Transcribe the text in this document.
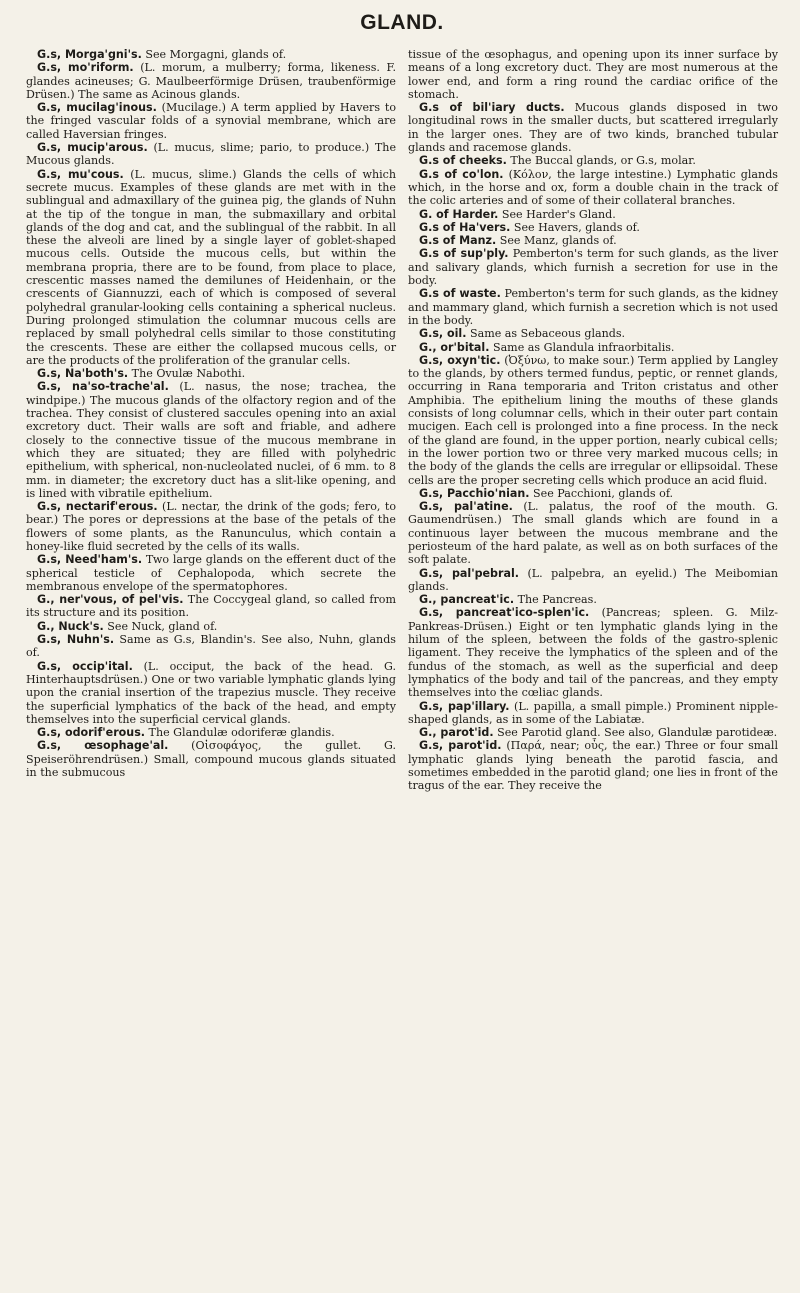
GLAND.

G.s, Morga'gni's. See Morgagni, glands of.

G.s, mo'riform. (L. morum, a mulberry; forma, likeness. F. glandes acineuses; G. Maulbeerförmige Drüsen, traubenförmige Drüsen.) The same as Acinous glands.

G.s, mucilag'inous. (Mucilage.) A term applied by Havers to the fringed vascular folds of a synovial membrane, which are called Haversian fringes.

G.s, mucip'arous. (L. mucus, slime; pario, to produce.) The Mucous glands.

G.s, mu'cous. (L. mucus, slime.) Glands the cells of which secrete mucus. Examples of these glands are met with in the sublingual and admaxillary of the guinea pig, the glands of Nuhn at the tip of the tongue in man, the submaxillary and orbital glands of the dog and cat, and the sublingual of the rabbit. In all these the alveoli are lined by a single layer of goblet-shaped mucous cells. Outside the mucous cells, but within the membrana propria, there are to be found, from place to place, crescentic masses named the demilunes of Heidenhain, or the crescents of Giannuzzi, each of which is composed of several polyhedral granular-looking cells containing a spherical nucleus. During prolonged stimulation the columnar mucous cells are replaced by small polyhedral cells similar to those constituting the crescents. These are either the collapsed mucous cells, or are the products of the proliferation of the granular cells.

G.s, Na'both's. The Ovulæ Nabothi.

G.s, na'so-trache'al. (L. nasus, the nose; trachea, the windpipe.) The mucous glands of the olfactory region and of the trachea. They consist of clustered saccules opening into an axial excretory duct. Their walls are soft and friable, and adhere closely to the connective tissue of the mucous membrane in which they are situated; they are filled with polyhedric epithelium, with spherical, non-nucleolated nuclei, of 6 mm. to 8 mm. in diameter; the excretory duct has a slit-like opening, and is lined with vibratile epithelium.

G.s, nectarif'erous. (L. nectar, the drink of the gods; fero, to bear.) The pores or depressions at the base of the petals of the flowers of some plants, as the Ranunculus, which contain a honey-like fluid secreted by the cells of its walls.

G.s, Need'ham's. Two large glands on the efferent duct of the spherical testicle of Cephalopoda, which secrete the membranous envelope of the spermatophores.

G., ner'vous, of pel'vis. The Coccygeal gland, so called from its structure and its position.

G., Nuck's. See Nuck, gland of.

G.s, Nuhn's. Same as G.s, Blandin's. See also, Nuhn, glands of.

G.s, occip'ital. (L. occiput, the back of the head. G. Hinterhauptsdrüsen.) One or two variable lymphatic glands lying upon the cranial insertion of the trapezius muscle. They receive the superficial lymphatics of the back of the head, and empty themselves into the superficial cervical glands.

G.s, odorif'erous. The Glandulæ odoriferæ glandis.

G.s, œsophage'al. (Οἰσοφάγος, the gullet. G. Speiseröhrendrüsen.) Small, compound mucous glands situated in the submucous

tissue of the œsophagus, and opening upon its inner surface by means of a long excretory duct. They are most numerous at the lower end, and form a ring round the cardiac orifice of the stomach.

G.s of bil'iary ducts. Mucous glands disposed in two longitudinal rows in the smaller ducts, but scattered irregularly in the larger ones. They are of two kinds, branched tubular glands and racemose glands.

G.s of cheeks. The Buccal glands, or G.s, molar.

G.s of co'lon. (Κόλον, the large intestine.) Lymphatic glands which, in the horse and ox, form a double chain in the track of the colic arteries and of some of their collateral branches.

G. of Harder. See Harder's Gland.

G.s of Ha'vers. See Havers, glands of.

G.s of Manz. See Manz, glands of.

G.s of sup'ply. Pemberton's term for such glands, as the liver and salivary glands, which furnish a secretion for use in the body.

G.s of waste. Pemberton's term for such glands, as the kidney and mammary gland, which furnish a secretion which is not used in the body.

G.s, oil. Same as Sebaceous glands.

G., or'bital. Same as Glandula infraorbitalis.

G.s, oxyn'tic. (Ὀξύνω, to make sour.) Term applied by Langley to the glands, by others termed fundus, peptic, or rennet glands, occurring in Rana temporaria and Triton cristatus and other Amphibia. The epithelium lining the mouths of these glands consists of long columnar cells, which in their outer part contain mucigen. Each cell is prolonged into a fine process. In the neck of the gland are found, in the upper portion, nearly cubical cells; in the lower portion two or three very marked mucous cells; in the body of the glands the cells are irregular or ellipsoidal. These cells are the proper secreting cells which produce an acid fluid.

G.s, Pacchio'nian. See Pacchioni, glands of.

G.s, pal'atine. (L. palatus, the roof of the mouth. G. Gaumendrüsen.) The small glands which are found in a continuous layer between the mucous membrane and the periosteum of the hard palate, as well as on both surfaces of the soft palate.

G.s, pal'pebral. (L. palpebra, an eyelid.) The Meibomian glands.

G., pancreat'ic. The Pancreas.

G.s, pancreat'ico-splen'ic. (Pancreas; spleen. G. Milz-Pankreas-Drüsen.) Eight or ten lymphatic glands lying in the hilum of the spleen, between the folds of the gastro-splenic ligament. They receive the lymphatics of the spleen and of the fundus of the stomach, as well as the superficial and deep lymphatics of the body and tail of the pancreas, and they empty themselves into the cœliac glands.

G.s, pap'illary. (L. papilla, a small pimple.) Prominent nipple-shaped glands, as in some of the Labiatæ.

G., parot'id. See Parotid gland. See also, Glandulæ parotideæ.

G.s, parot'id. (Παρά, near; οὖς, the ear.) Three or four small lymphatic glands lying beneath the parotid fascia, and sometimes embedded in the parotid gland; one lies in front of the tragus of the ear. They receive the
